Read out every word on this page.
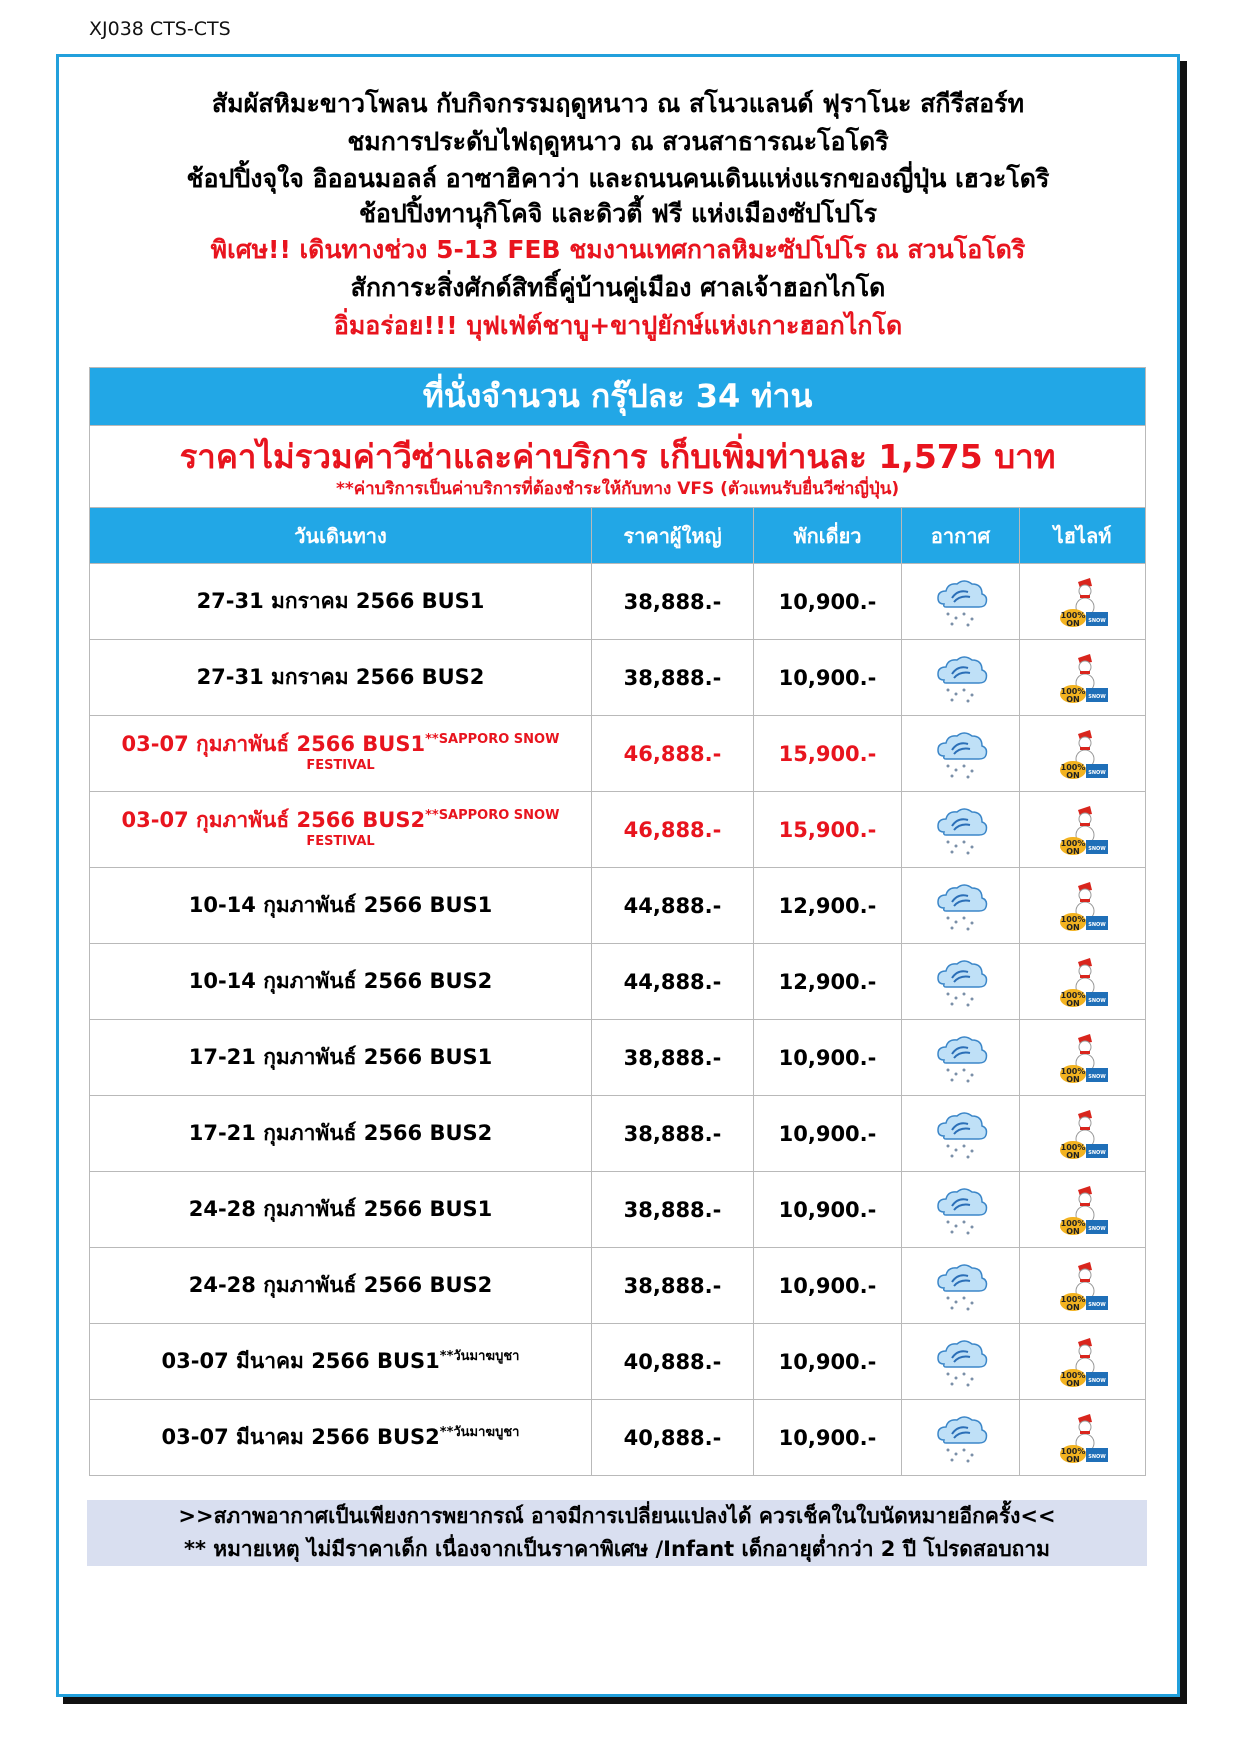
XJ038 CTS-CTS
สัมผัสหิมะขาวโพลน กับกิจกรรมฤดูหนาว ณ สโนวแลนด์ ฟุราโนะ สกีรีสอร์ท
ชมการประดับไฟฤดูหนาว ณ สวนสาธารณะโอโดริ
ช้อปปิ้งจุใจ อิออนมอลล์ อาซาฮิคาว่า และถนนคนเดินแห่งแรกของญี่ปุ่น เฮวะโดริ
ช้อปปิ้งทานุกิโคจิ และดิวตี้ ฟรี แห่งเมืองซัปโปโร
พิเศษ!! เดินทางช่วง 5-13 FEB ชมงานเทศกาลหิมะซัปโปโร ณ สวนโอโดริ
สักการะสิ่งศักด์สิทธิ์คู่บ้านคู่เมือง ศาลเจ้าฮอกไกโด
อิ่มอร่อย!!! บุฟเฟ่ต์ชาบู+ขาปูยักษ์แห่งเกาะฮอกไกโด
ที่นั่งจำนวน กรุ๊ปละ 34 ท่าน				

ราคาไม่รวมค่าวีซ่าและค่าบริการ เก็บเพิ่มท่านละ 1,575 บาท
**ค่าบริการเป็นค่าบริการที่ต้องชำระให้กับทาง VFS (ตัวแทนรับยื่นวีซ่าญี่ปุ่น)				

วันเดินทาง	ราคาผู้ใหญ่	พักเดี่ยว	อากาศ	ไฮไลท์
27-31 มกราคม 2566 BUS1	38,888.-	10,900.-		100%
ON SNOW

27-31 มกราคม 2566 BUS2	38,888.-	10,900.-		100%
ON SNOW

03-07 กุมภาพันธ์ 2566 $BUS1^{**SAPPORO SNOW}$
FESTIVAL	46,888.-	15,900.-		100%
ON SNOW

03-07 กุมภาพันธ์ 2566 $BUS2^{**SAPPORO SNOW}$
FESTIVAL	46,888.-	15,900.-		100%
ON SNOW

10-14 กุมภาพันธ์ 2566 BUS1	44,888.-	12,900.-		100%
ON SNOW

10-14 กุมภาพันธ์ 2566 BUS2	44,888.-	12,900.-		100%
ON SNOW

17-21 กุมภาพันธ์ 2566 BUS1	38,888.-	10,900.-		100%
ON SNOW

17-21 กุมภาพันธ์ 2566 BUS2	38,888.-	10,900.-		100%
ON SNOW

24-28 กุมภาพันธ์ 2566 BUS1	38,888.-	10,900.-		100%
ON SNOW

24-28 กุมภาพันธ์ 2566 BUS2	38,888.-	10,900.-		100%
ON SNOW

03-07 มีนาคม 2566 $BUS1^{**วันมาฆบูชา}$	40,888.-	10,900.-		100%
ON SNOW

03-07 มีนาคม 2566 $BUS2^{**วันมาฆบูชา}$	40,888.-	10,900.-		100%
ON SNOW
>>สภาพอากาศเป็นเพียงการพยากรณ์ อาจมีการเปลี่ยนแปลงได้ ควรเช็คในใบนัดหมายอีกครั้ง<<
** หมายเหตุ ไม่มีราคาเด็ก เนื่องจากเป็นราคาพิเศษ /Infant เด็กอายุต่ำกว่า 2 ปี โปรดสอบถาม
